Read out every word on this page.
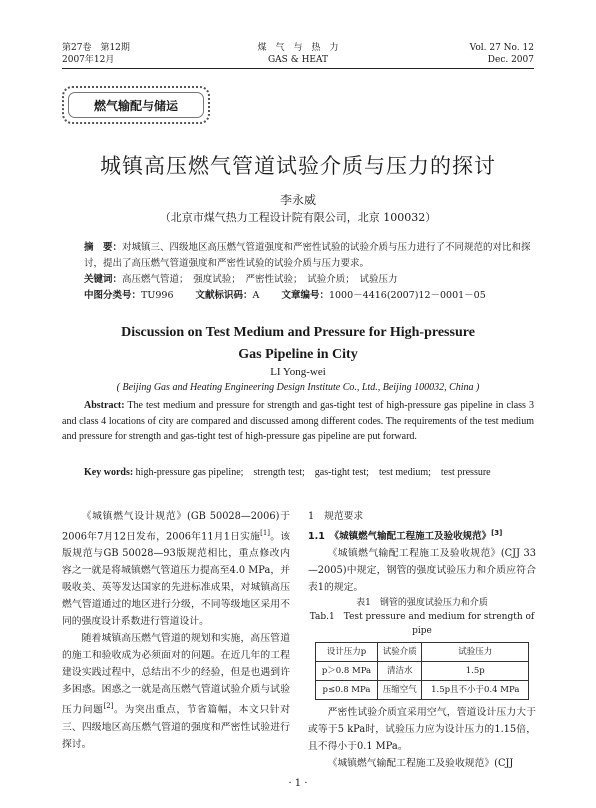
第27卷　第12期
2007年12月
煤　气　与　热　力
GAS & HEAT
Vol. 27 No. 12
Dec. 2007
燃气输配与储运
城镇高压燃气管道试验介质与压力的探讨
李永威
（北京市煤气热力工程设计院有限公司，北京 100032）
摘　要：对城镇三、四级地区高压燃气管道强度和严密性试验的试验介质与压力进行了不同规范的对比和探讨，提出了高压燃气管道强度和严密性试验的试验介质与压力要求。
关键词：高压燃气管道；　强度试验；　严密性试验；　试验介质；　试验压力
中图分类号：TU996　　 文献标识码：A　　 文章编号：1000－4416(2007)12－0001－05
Discussion on Test Medium and Pressure for High-pressure
Gas Pipeline in City
LI Yong-wei
( Beijing Gas and Heating Engineering Design Institute Co., Ltd., Beijing 100032, China )
Abstract: The test medium and pressure for strength and gas-tight test of high-pressure gas pipeline in class 3 and class 4 locations of city are compared and discussed among different codes. The requirements of the test medium and pressure for strength and gas-tight test of high-pressure gas pipeline are put forward.
Key words: high-pressure gas pipeline;　strength test;　gas-tight test;　test medium;　test pressure

《城镇燃气设计规范》(GB 50028—2006)于2006年7月12日发布，2006年11月1日实施[1]。该版规范与GB 50028—93版规范相比，重点修改内容之一就是将城镇燃气管道压力提高至4.0 MPa，并吸收美、英等发达国家的先进标准成果，对城镇高压燃气管道通过的地区进行分级，不同等级地区采用不同的强度设计系数进行管道设计。

随着城镇高压燃气管道的规划和实施，高压管道的施工和验收成为必须面对的问题。在近几年的工程建设实践过程中，总结出不少的经验，但是也遇到许多困惑。困惑之一就是高压燃气管道试验介质与试验压力问题[2]。为突出重点，节省篇幅，本文只针对三、四级地区高压燃气管道的强度和严密性试验进行探讨。

1　规范要求

1.1　《城镇燃气输配工程施工及验收规范》[3]

《城镇燃气输配工程施工及验收规范》(CJJ 33—2005)中规定，钢管的强度试验压力和介质应符合表1的规定。

表1　钢管的强度试验压力和介质
Tab.1　Test pressure and medium for strength of pipe
设计压力p	试验介质	试验压力
p＞0.8 MPa	清洁水	1.5p
p≤0.8 MPa	压缩空气	1.5p且不小于0.4 MPa

严密性试验介质宜采用空气，管道设计压力大于或等于5 kPa时，试验压力应为设计压力的1.15倍，且不得小于0.1 MPa。

《城镇燃气输配工程施工及验收规范》(CJJ

· 1 ·
